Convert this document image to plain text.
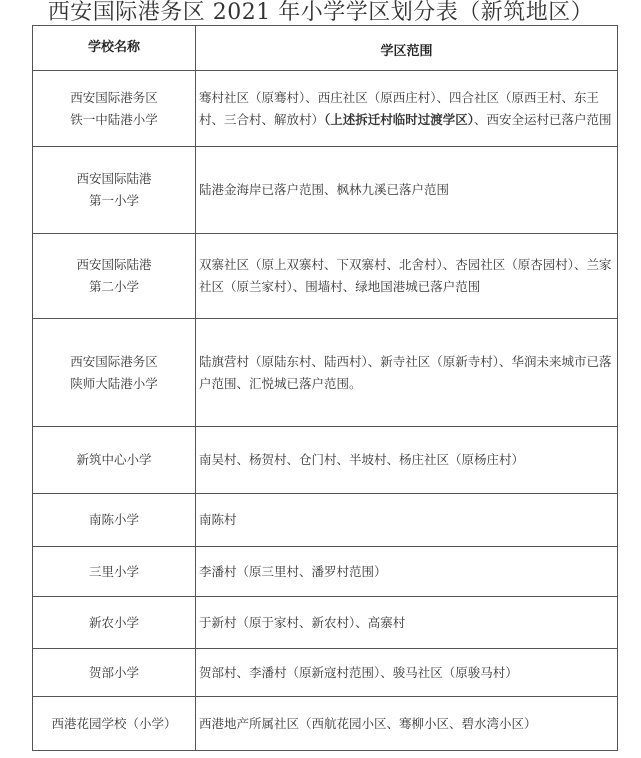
西安国际港务区 2021 年小学学区划分表（新筑地区）
学校名称	学区范围

西安国际港务区
铁一中陆港小学	骞村社区（原骞村）、西庄社区（原西庄村）、四合社区（原西王村、东王村、三合村、解放村）（上述拆迁村临时过渡学区）、西安全运村已落户范围

西安国际陆港
第一小学	陆港金海岸已落户范围、枫林九溪已落户范围

西安国际陆港
第二小学	双寨社区（原上双寨村、下双寨村、北舍村）、杏园社区（原杏园村）、兰家社区（原兰家村）、围墙村、绿地国港城已落户范围

西安国际港务区
陕师大陆港小学	陆旗营村（原陆东村、陆西村）、新寺社区（原新寺村）、华润未来城市已落户范围、汇悦城已落户范围。

新筑中心小学	南吴村、杨贺村、仓门村、半坡村、杨庄社区（原杨庄村）

南陈小学	南陈村

三里小学	李潘村（原三里村、潘罗村范围）

新农小学	于新村（原于家村、新农村）、高寨村

贺部小学	贺部村、李潘村（原新寇村范围）、骏马社区（原骏马村）

西港花园学校（小学）	西港地产所属社区（西航花园小区、骞柳小区、碧水湾小区）
